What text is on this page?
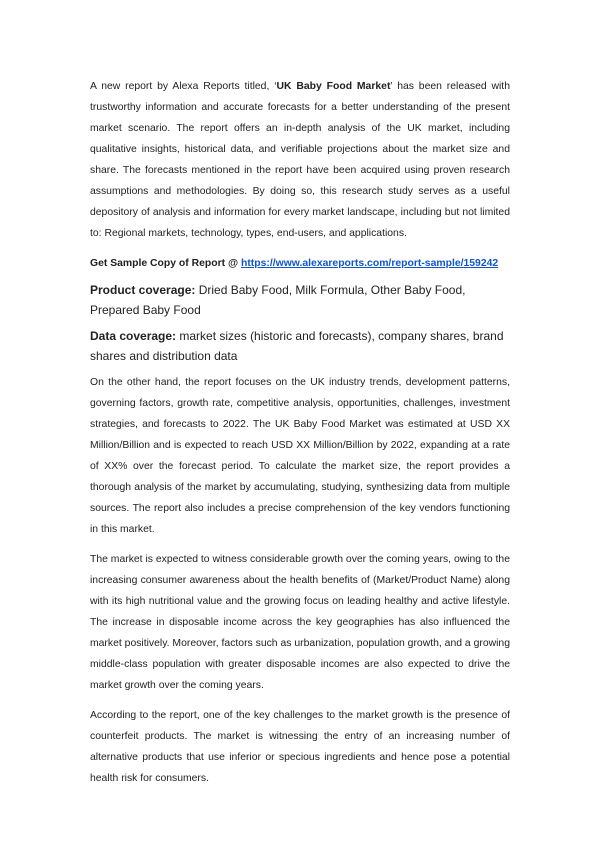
A new report by Alexa Reports titled, ‘UK Baby Food Market’ has been released with trustworthy information and accurate forecasts for a better understanding of the present market scenario. The report offers an in-depth analysis of the UK market, including qualitative insights, historical data, and verifiable projections about the market size and share. The forecasts mentioned in the report have been acquired using proven research assumptions and methodologies. By doing so, this research study serves as a useful depository of analysis and information for every market landscape, including but not limited to: Regional markets, technology, types, end-users, and applications.

Get Sample Copy of Report @ https://www.alexareports.com/report-sample/159242

Product coverage: Dried Baby Food, Milk Formula, Other Baby Food, Prepared Baby Food

Data coverage: market sizes (historic and forecasts), company shares, brand shares and distribution data

On the other hand, the report focuses on the UK industry trends, development patterns, governing factors, growth rate, competitive analysis, opportunities, challenges, investment strategies, and forecasts to 2022. The UK Baby Food Market was estimated at USD XX Million/Billion and is expected to reach USD XX Million/Billion by 2022, expanding at a rate of XX% over the forecast period. To calculate the market size, the report provides a thorough analysis of the market by accumulating, studying, synthesizing data from multiple sources. The report also includes a precise comprehension of the key vendors functioning in this market.

The market is expected to witness considerable growth over the coming years, owing to the increasing consumer awareness about the health benefits of (Market/Product Name) along with its high nutritional value and the growing focus on leading healthy and active lifestyle. The increase in disposable income across the key geographies has also influenced the market positively. Moreover, factors such as urbanization, population growth, and a growing middle-class population with greater disposable incomes are also expected to drive the market growth over the coming years.

According to the report, one of the key challenges to the market growth is the presence of counterfeit products. The market is witnessing the entry of an increasing number of alternative products that use inferior or specious ingredients and hence pose a potential health risk for consumers.
